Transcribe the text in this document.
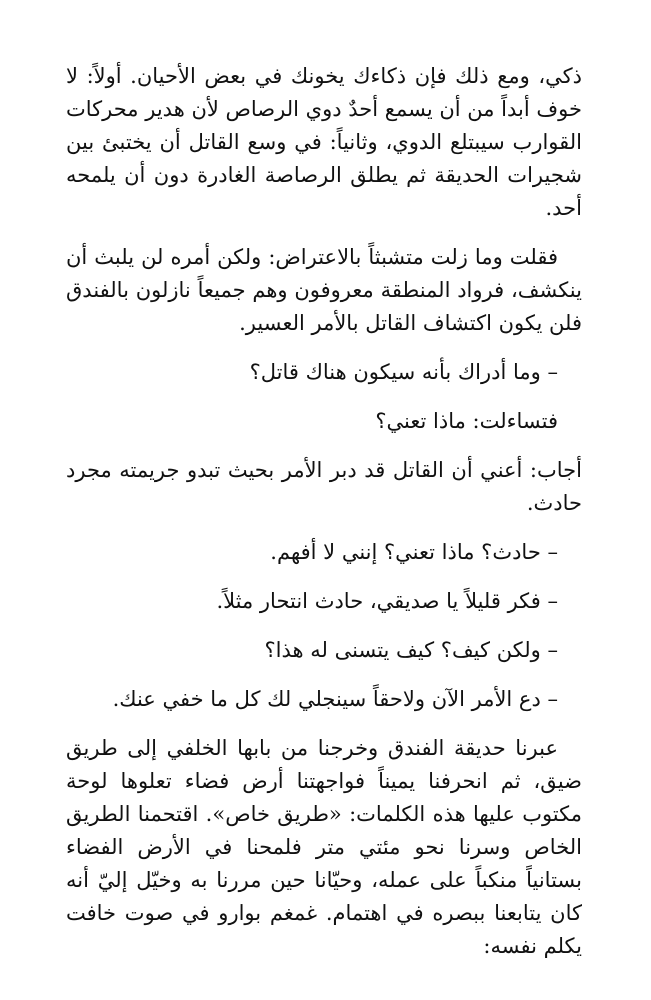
ذكي، ومع ذلك فإن ذكاءك يخونك في بعض الأحيان. أولاً: لا خوف أبداً من أن يسمع أحدٌ دوي الرصاص لأن هدير محركات القوارب سيبتلع الدوي، وثانياً: في وسع القاتل أن يختبئ بين شجيرات الحديقة ثم يطلق الرصاصة الغادرة دون أن يلمحه أحد.

فقلت وما زلت متشبثاً بالاعتراض: ولكن أمره لن يلبث أن ينكشف، فرواد المنطقة معروفون وهم جميعاً نازلون بالفندق فلن يكون اكتشاف القاتل بالأمر العسير.

– وما أدراك بأنه سيكون هناك قاتل؟

فتساءلت: ماذا تعني؟

أجاب: أعني أن القاتل قد دبر الأمر بحيث تبدو جريمته مجرد حادث.

– حادث؟ ماذا تعني؟ إنني لا أفهم.

– فكر قليلاً يا صديقي، حادث انتحار مثلاً.

– ولكن كيف؟ كيف يتسنى له هذا؟

– دع الأمر الآن ولاحقاً سينجلي لك كل ما خفي عنك.

عبرنا حديقة الفندق وخرجنا من بابها الخلفي إلى طريق ضيق، ثم انحرفنا يميناً فواجهتنا أرض فضاء تعلوها لوحة مكتوب عليها هذه الكلمات: «طريق خاص». اقتحمنا الطريق الخاص وسرنا نحو مئتي متر فلمحنا في الأرض الفضاء بستانياً منكباً على عمله، وحيّانا حين مررنا به وخيّل إليّ أنه كان يتابعنا ببصره في اهتمام. غمغم بوارو في صوت خافت يكلم نفسه:
